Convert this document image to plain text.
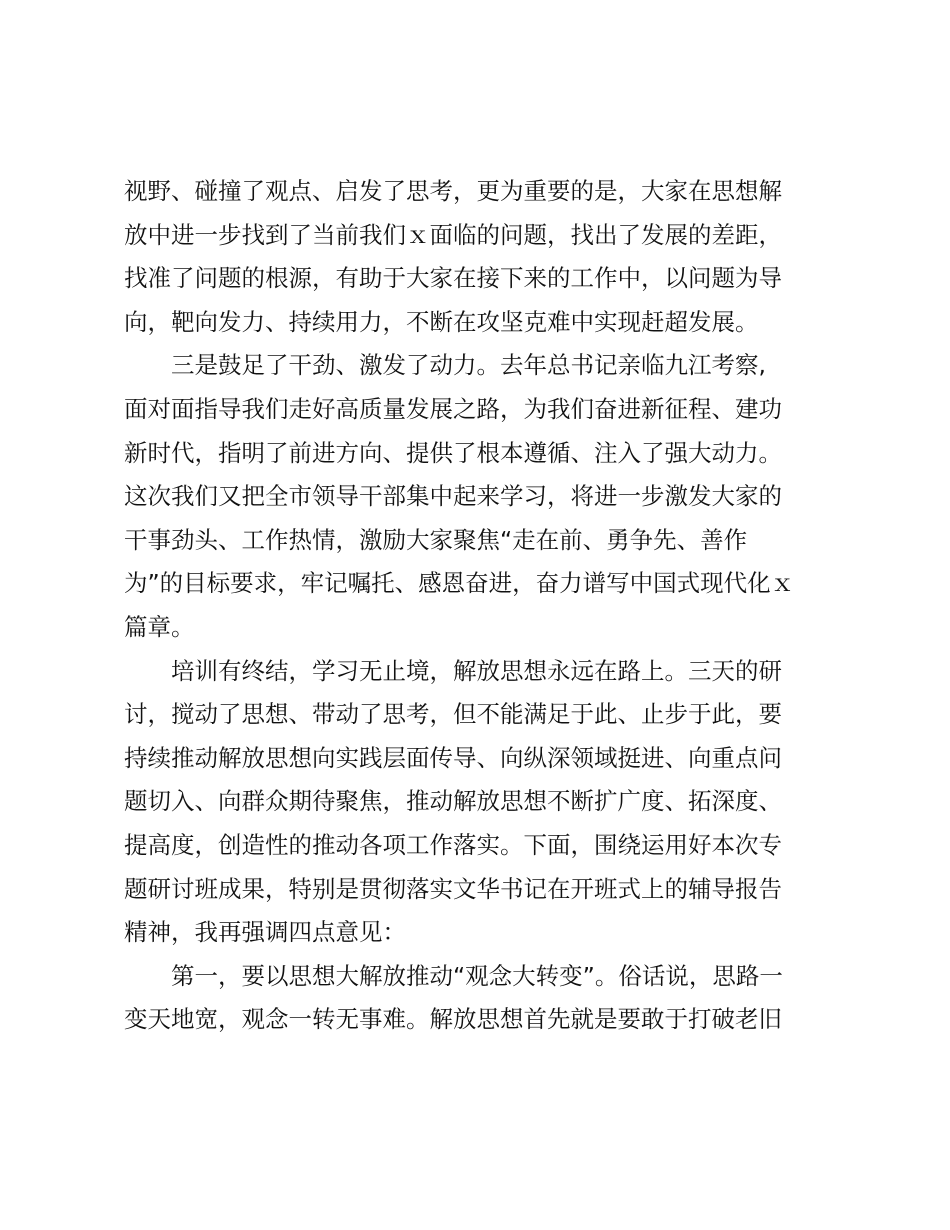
视野、碰撞了观点、启发了思考，更为重要的是，大家在思想解
放中进一步找到了当前我们ｘ面临的问题，找出了发展的差距，
找准了问题的根源，有助于大家在接下来的工作中，以问题为导
向，靶向发力、持续用力，不断在攻坚克难中实现赶超发展。
三是鼓足了干劲、激发了动力。去年总书记亲临九江考察,
面对面指导我们走好高质量发展之路，为我们奋进新征程、建功
新时代，指明了前进方向、提供了根本遵循、注入了强大动力。
这次我们又把全市领导干部集中起来学习，将进一步激发大家的
干事劲头、工作热情，激励大家聚焦“走在前、勇争先、善作
为”的目标要求，牢记嘱托、感恩奋进，奋力谱写中国式现代化ｘ
篇章。
培训有终结，学习无止境，解放思想永远在路上。三天的研
讨，搅动了思想、带动了思考，但不能满足于此、止步于此，要
持续推动解放思想向实践层面传导、向纵深领域挺进、向重点问
题切入、向群众期待聚焦，推动解放思想不断扩广度、拓深度、
提高度，创造性的推动各项工作落实。下面，围绕运用好本次专
题研讨班成果，特别是贯彻落实文华书记在开班式上的辅导报告
精神，我再强调四点意见：
第一，要以思想大解放推动“观念大转变”。俗话说，思路一
变天地宽，观念一转无事难。解放思想首先就是要敢于打破老旧
